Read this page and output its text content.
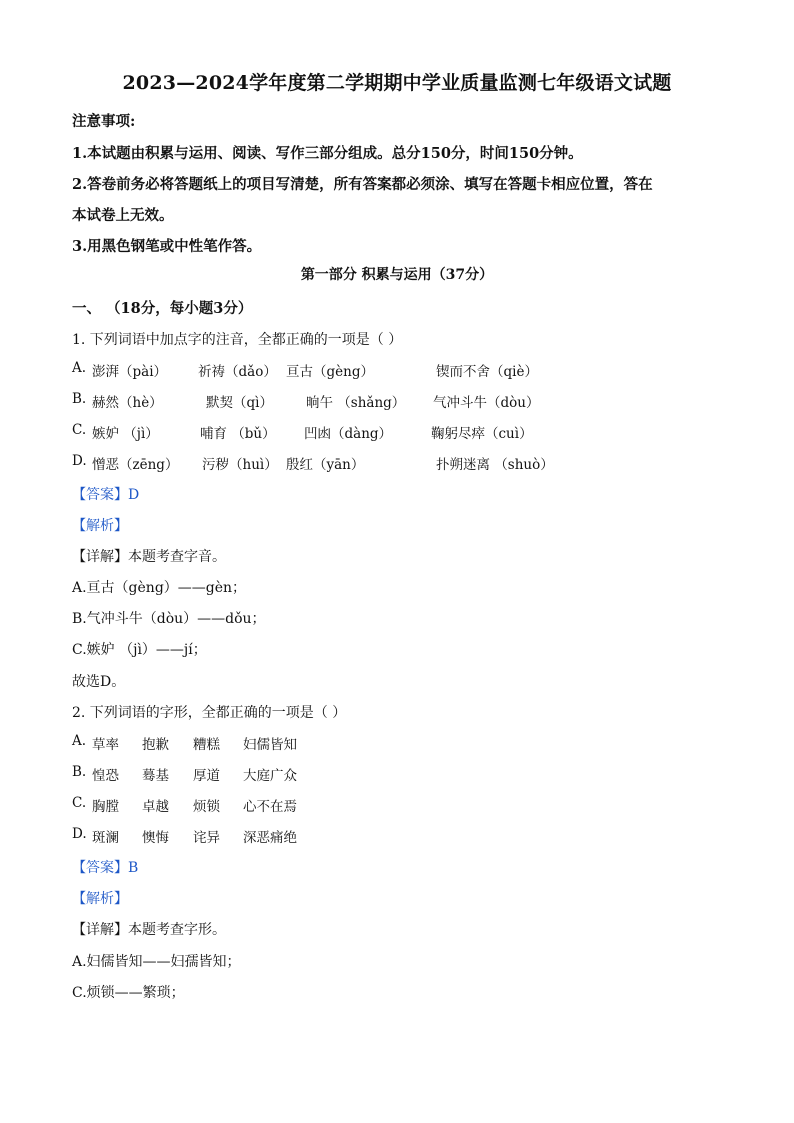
2023—2024学年度第二学期期中学业质量监测七年级语文试题
注意事项:
1.本试题由积累与运用、阅读、写作三部分组成。总分150分，时间150分钟。
2.答卷前务必将答题纸上的项目写清楚，所有答案都必须涂、填写在答题卡相应位置，答在
本试卷上无效。
3.用黑色钢笔或中性笔作答。
第一部分 积累与运用（37分）
一、 （18分，每小题3分）
1. 下列词语中加点字的注音，全都正确的一项是（ ）
A. 澎湃（pài） 祈祷（dǎo） 亘古（gèng）	锲而不舍（qiè）
B. 赫然（hè）	默契（qì） 晌午 （shǎng） 气冲斗牛（dòu）
C. 嫉妒 （jì）	哺育 （bǔ） 凹凼（dàng）	鞠躬尽瘁（cuì）
D. 憎恶（zēng） 污秽（huì） 殷红（yān）	扑朔迷离 （shuò）
【答案】D
【解析】
【详解】本题考查字音。
A.亘古（gèng）——gèn；
B.气冲斗牛（dòu）——dǒu；
C.嫉妒 （jì）——jí；
故选D。
2. 下列词语的字形，全都正确的一项是（ ）
A. 草率 抱歉 糟糕 妇儒皆知
B. 惶恐 蓦基 厚道 大庭广众
C. 胸膛 卓越 烦锁 心不在焉
D. 斑澜 懊悔 诧异 深恶痛绝
【答案】B
【解析】
【详解】本题考查字形。
A.妇儒皆知——妇孺皆知；
C.烦锁——繁琐；
